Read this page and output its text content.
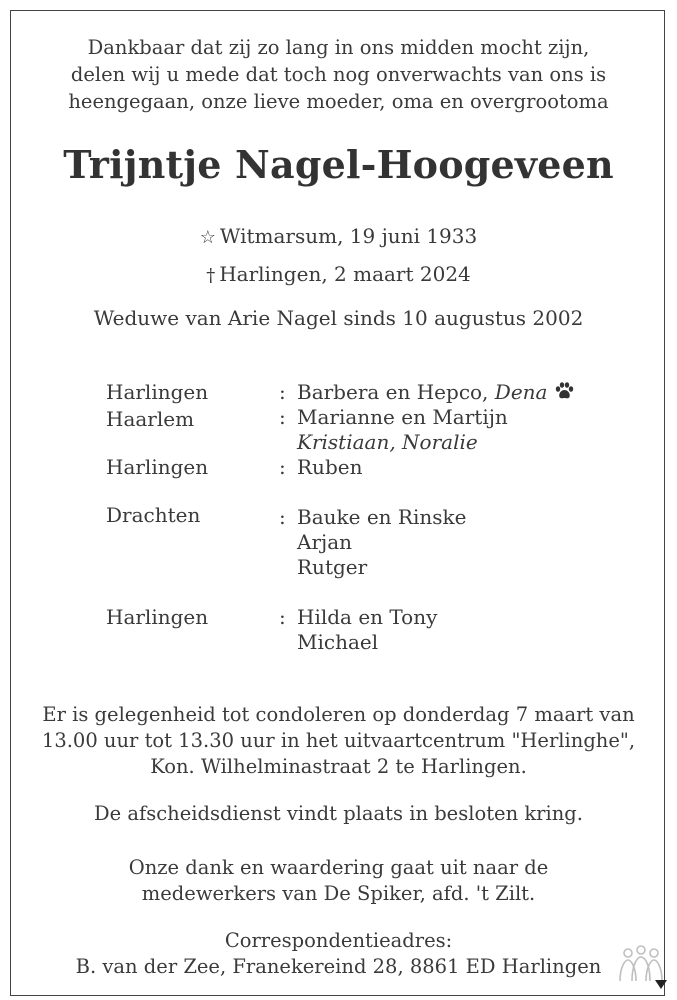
Dankbaar dat zij zo lang in ons midden mocht zijn,
delen wij u mede dat toch nog onverwachts van ons is
heengegaan, onze lieve moeder, oma en overgrootoma
Trijntje Nagel-Hoogeveen
☆ Witmarsum, 19 juni 1933
† Harlingen, 2 maart 2024
Weduwe van Arie Nagel sinds 10 augustus 2002
Harlingen	: Barbera en Hepco, Dena
Haarlem	: Marianne en Martijn
Kristiaan, Noralie
Harlingen	: Ruben
Drachten	: Bauke en Rinske
Arjan
Rutger
Harlingen	: Hilda en Tony
Michael
Er is gelegenheid tot condoleren op donderdag 7 maart van
13.00 uur tot 13.30 uur in het uitvaartcentrum "Herlinghe",
Kon. Wilhelminastraat 2 te Harlingen.
De afscheidsdienst vindt plaats in besloten kring.
Onze dank en waardering gaat uit naar de
medewerkers van De Spiker, afd. 't Zilt.
Correspondentieadres:
B. van der Zee, Franekereind 28, 8861 ED Harlingen
